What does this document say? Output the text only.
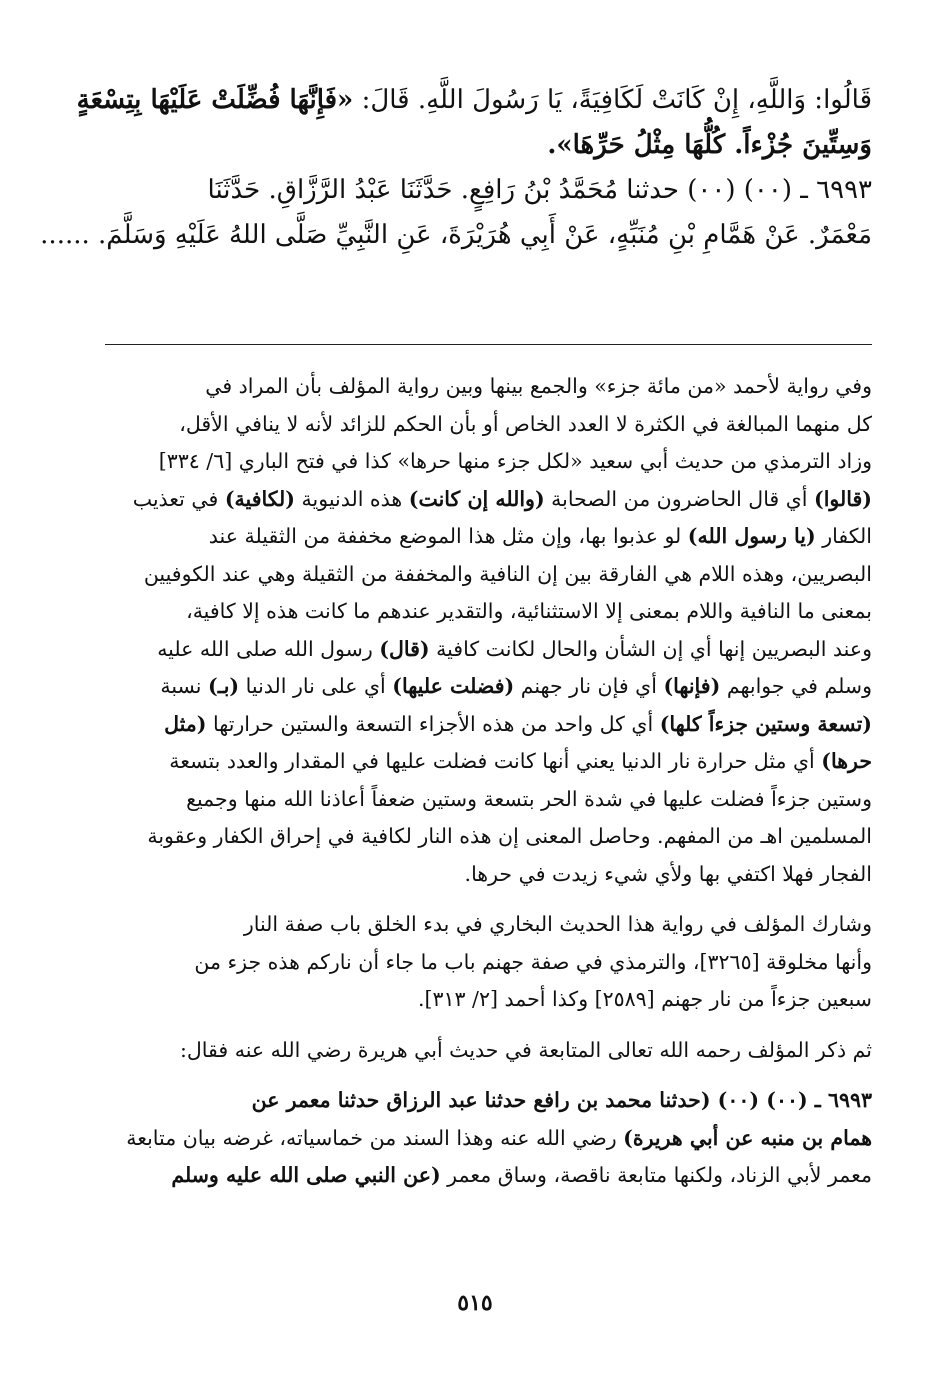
قَالُوا: وَاللَّهِ، إِنْ كَانَتْ لَكَافِيَةً، يَا رَسُولَ اللَّهِ. قَالَ: «فَإِنَّهَا فُضِّلَتْ عَلَيْهَا بِتِسْعَةٍ
وَسِتِّينَ جُزْءاً. كُلُّهَا مِثْلُ حَرِّهَا».
٦٩٩٣ ـ (٠٠) (٠٠) حدثنا مُحَمَّدُ بْنُ رَافِعٍ. حَدَّثَنَا عَبْدُ الرَّزَّاقِ. حَدَّثَنَا
مَعْمَرٌ. عَنْ هَمَّامِ بْنِ مُنَبِّهٍ، عَنْ أَبِي هُرَيْرَةَ، عَنِ النَّبِيِّ صَلَّى اللهُ عَلَيْهِ وَسَلَّمَ. ......
وفي رواية لأحمد «من مائة جزء» والجمع بينها وبين رواية المؤلف بأن المراد في
كل منهما المبالغة في الكثرة لا العدد الخاص أو بأن الحكم للزائد لأنه لا ينافي الأقل،
وزاد الترمذي من حديث أبي سعيد «لكل جزء منها حرها» كذا في فتح الباري [٦/ ٣٣٤]
(قالوا) أي قال الحاضرون من الصحابة (والله إن كانت) هذه الدنيوية (لكافية) في تعذيب
الكفار (يا رسول الله) لو عذبوا بها، وإن مثل هذا الموضع مخففة من الثقيلة عند
البصريين، وهذه اللام هي الفارقة بين إن النافية والمخففة من الثقيلة وهي عند الكوفيين
بمعنى ما النافية واللام بمعنى إلا الاستثنائية، والتقدير عندهم ما كانت هذه إلا كافية،
وعند البصريين إنها أي إن الشأن والحال لكانت كافية (قال) رسول الله صلى الله عليه
وسلم في جوابهم (فإنها) أي فإن نار جهنم (فضلت عليها) أي على نار الدنيا (بـ) نسبة
(تسعة وستين جزءاً كلها) أي كل واحد من هذه الأجزاء التسعة والستين حرارتها (مثل
حرها) أي مثل حرارة نار الدنيا يعني أنها كانت فضلت عليها في المقدار والعدد بتسعة
وستين جزءاً فضلت عليها في شدة الحر بتسعة وستين ضعفاً أعاذنا الله منها وجميع
المسلمين اهـ من المفهم. وحاصل المعنى إن هذه النار لكافية في إحراق الكفار وعقوبة
الفجار فهلا اكتفي بها ولأي شيء زيدت في حرها.
وشارك المؤلف في رواية هذا الحديث البخاري في بدء الخلق باب صفة النار
وأنها مخلوقة [٣٢٦٥]، والترمذي في صفة جهنم باب ما جاء أن ناركم هذه جزء من
سبعين جزءاً من نار جهنم [٢٥٨٩] وكذا أحمد [٢/ ٣١٣].
ثم ذكر المؤلف رحمه الله تعالى المتابعة في حديث أبي هريرة رضي الله عنه فقال:
٦٩٩٣ ـ (٠٠) (٠٠) (حدثنا محمد بن رافع حدثنا عبد الرزاق حدثنا معمر عن
همام بن منبه عن أبي هريرة) رضي الله عنه وهذا السند من خماسياته، غرضه بيان متابعة
معمر لأبي الزناد، ولكنها متابعة ناقصة، وساق معمر (عن النبي صلى الله عليه وسلم
٥١٥
